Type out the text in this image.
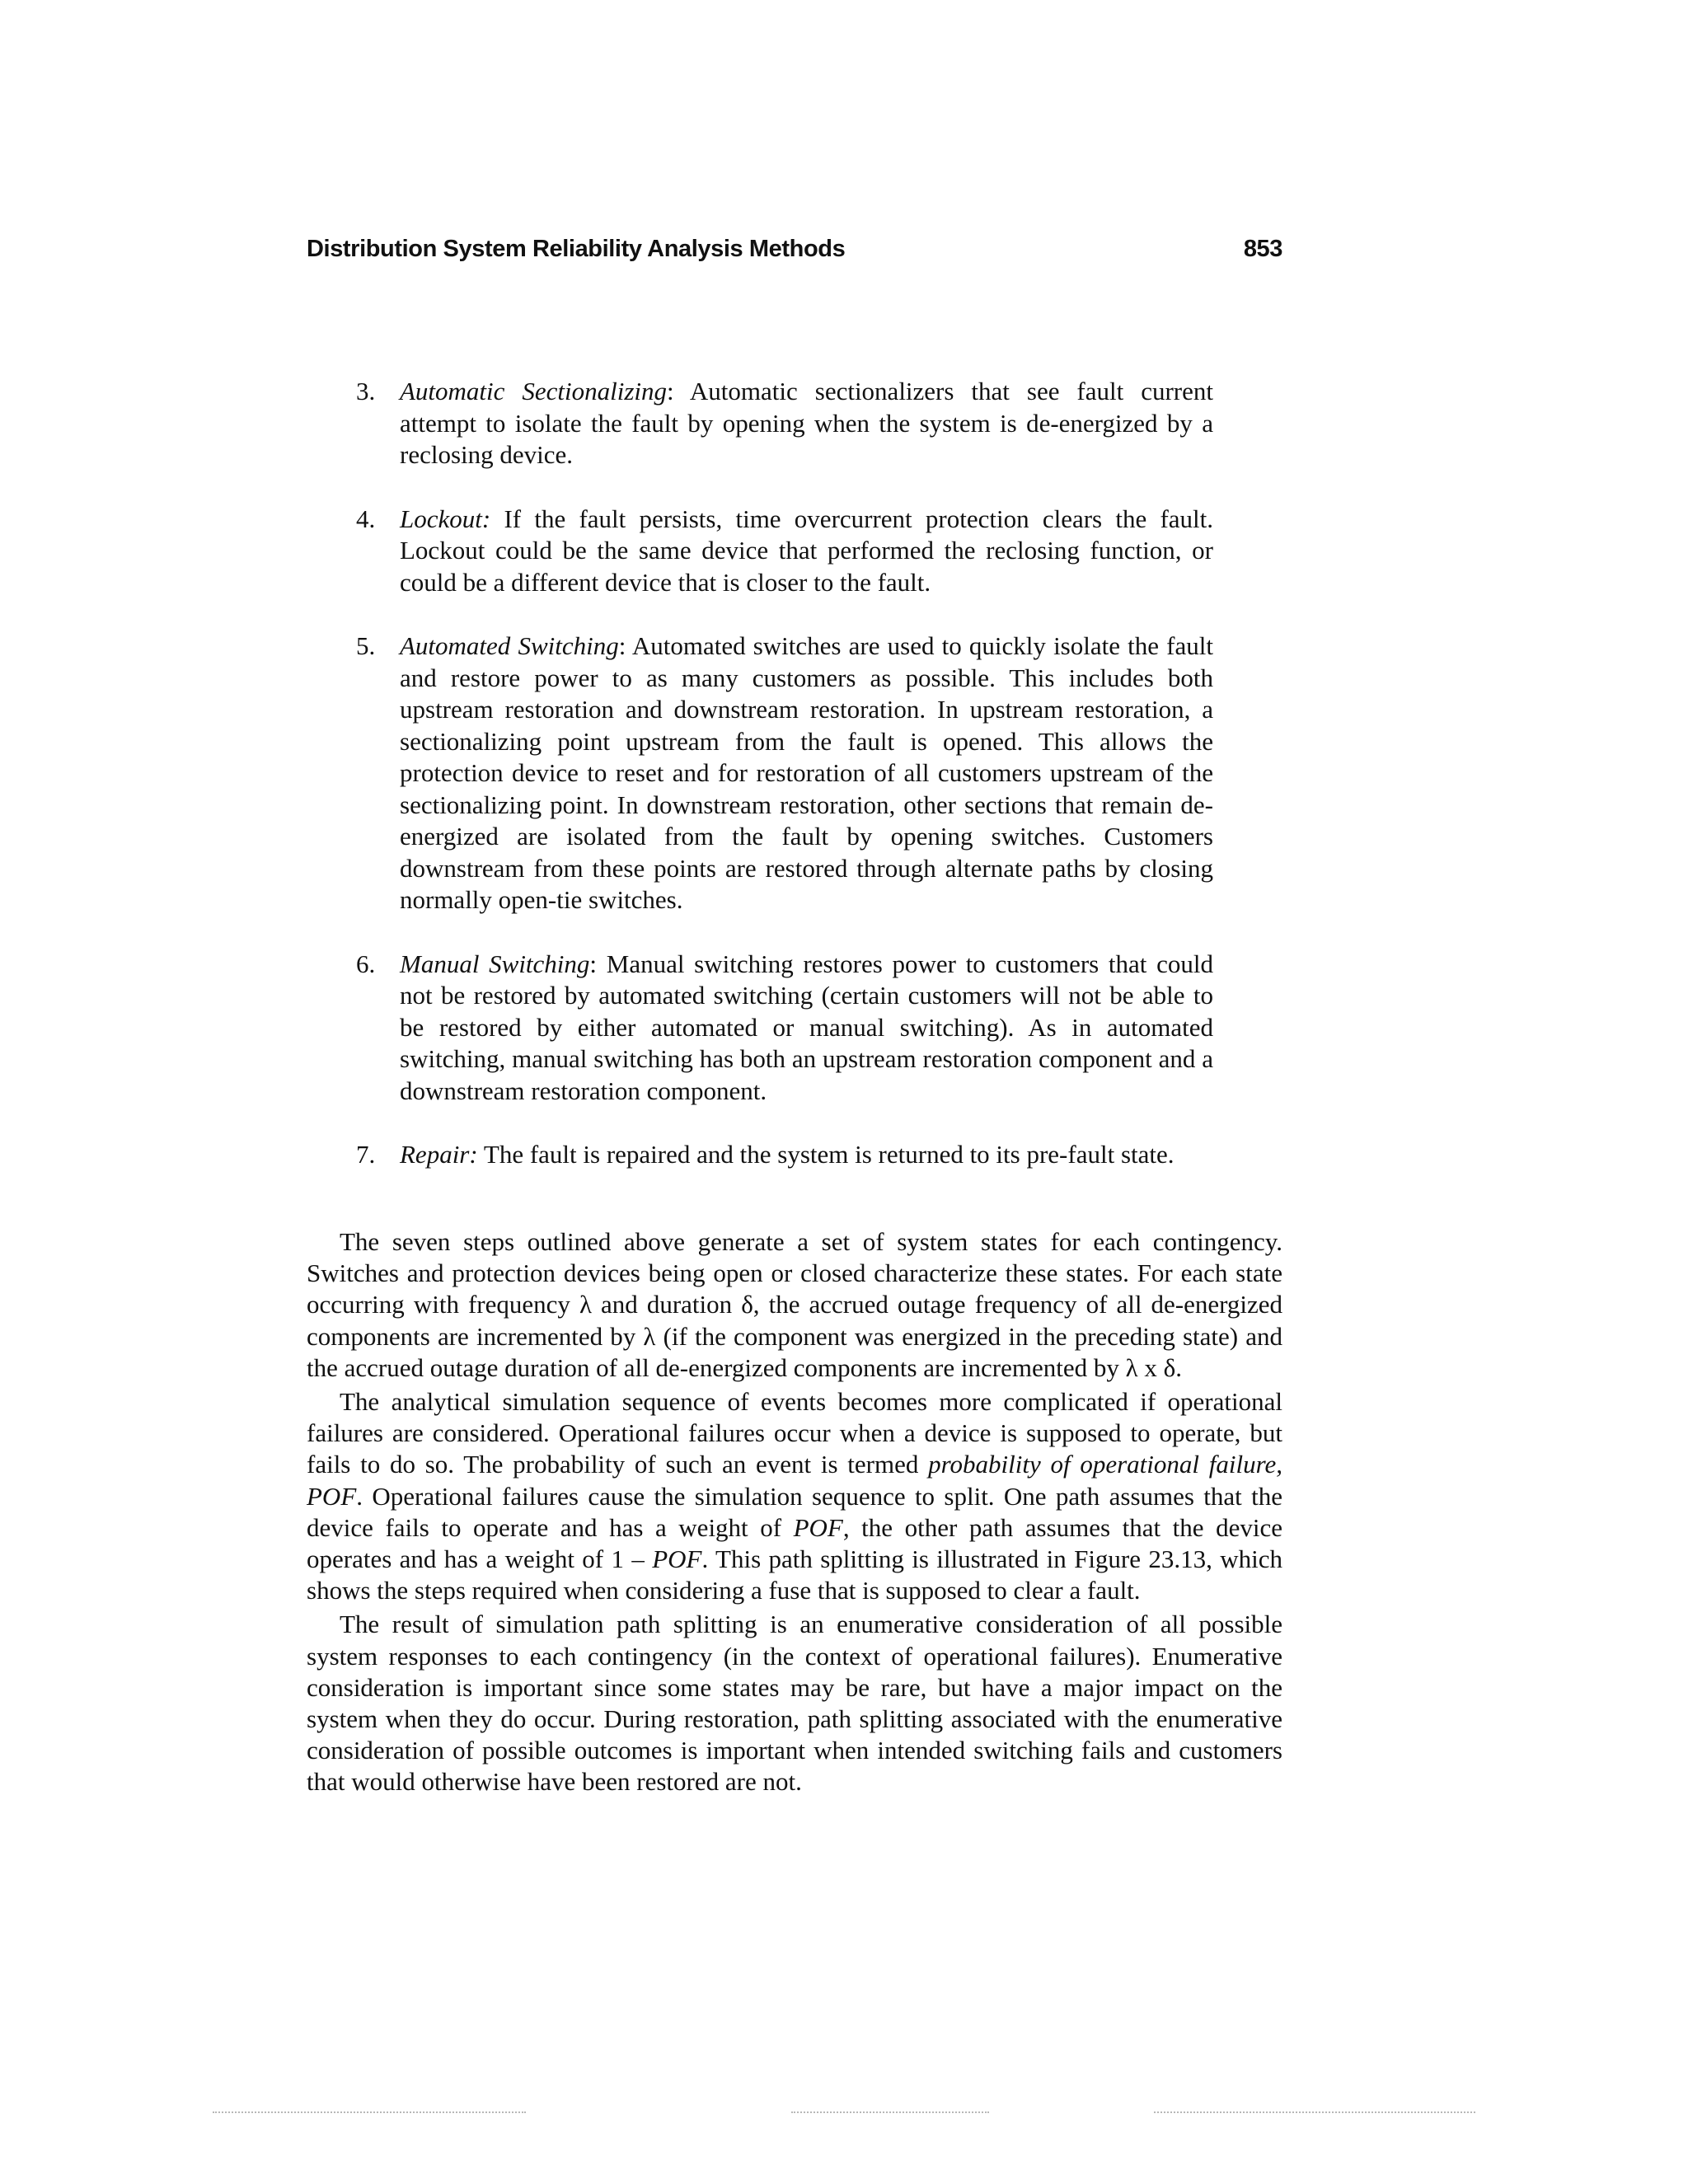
Distribution System Reliability Analysis Methods	853
3. Automatic Sectionalizing: Automatic sectionalizers that see fault current attempt to isolate the fault by opening when the system is de-energized by a reclosing device.
4. Lockout: If the fault persists, time overcurrent protection clears the fault. Lockout could be the same device that performed the reclosing function, or could be a different device that is closer to the fault.
5. Automated Switching: Automated switches are used to quickly isolate the fault and restore power to as many customers as possible. This includes both upstream restoration and downstream restoration. In upstream restoration, a sectionalizing point upstream from the fault is opened. This allows the protection device to reset and for restoration of all customers upstream of the sectionalizing point. In downstream restoration, other sections that remain de-energized are isolated from the fault by opening switches. Customers downstream from these points are restored through alternate paths by closing normally open-tie switches.
6. Manual Switching: Manual switching restores power to customers that could not be restored by automated switching (certain customers will not be able to be restored by either automated or manual switching). As in automated switching, manual switching has both an upstream restoration component and a downstream restoration component.
7. Repair: The fault is repaired and the system is returned to its pre-fault state.

The seven steps outlined above generate a set of system states for each contingency. Switches and protection devices being open or closed characterize these states. For each state occurring with frequency λ and duration δ, the accrued outage frequency of all de-energized components are incremented by λ (if the component was energized in the preceding state) and the accrued outage duration of all de-energized components are incremented by λ x δ.

The analytical simulation sequence of events becomes more complicated if operational failures are considered. Operational failures occur when a device is supposed to operate, but fails to do so. The probability of such an event is termed probability of operational failure, POF. Operational failures cause the simulation sequence to split. One path assumes that the device fails to operate and has a weight of POF, the other path assumes that the device operates and has a weight of 1 – POF. This path splitting is illustrated in Figure 23.13, which shows the steps required when considering a fuse that is supposed to clear a fault.

The result of simulation path splitting is an enumerative consideration of all possible system responses to each contingency (in the context of operational failures). Enumerative consideration is important since some states may be rare, but have a major impact on the system when they do occur. During restoration, path splitting associated with the enumerative consideration of possible outcomes is important when intended switching fails and customers that would otherwise have been restored are not.
